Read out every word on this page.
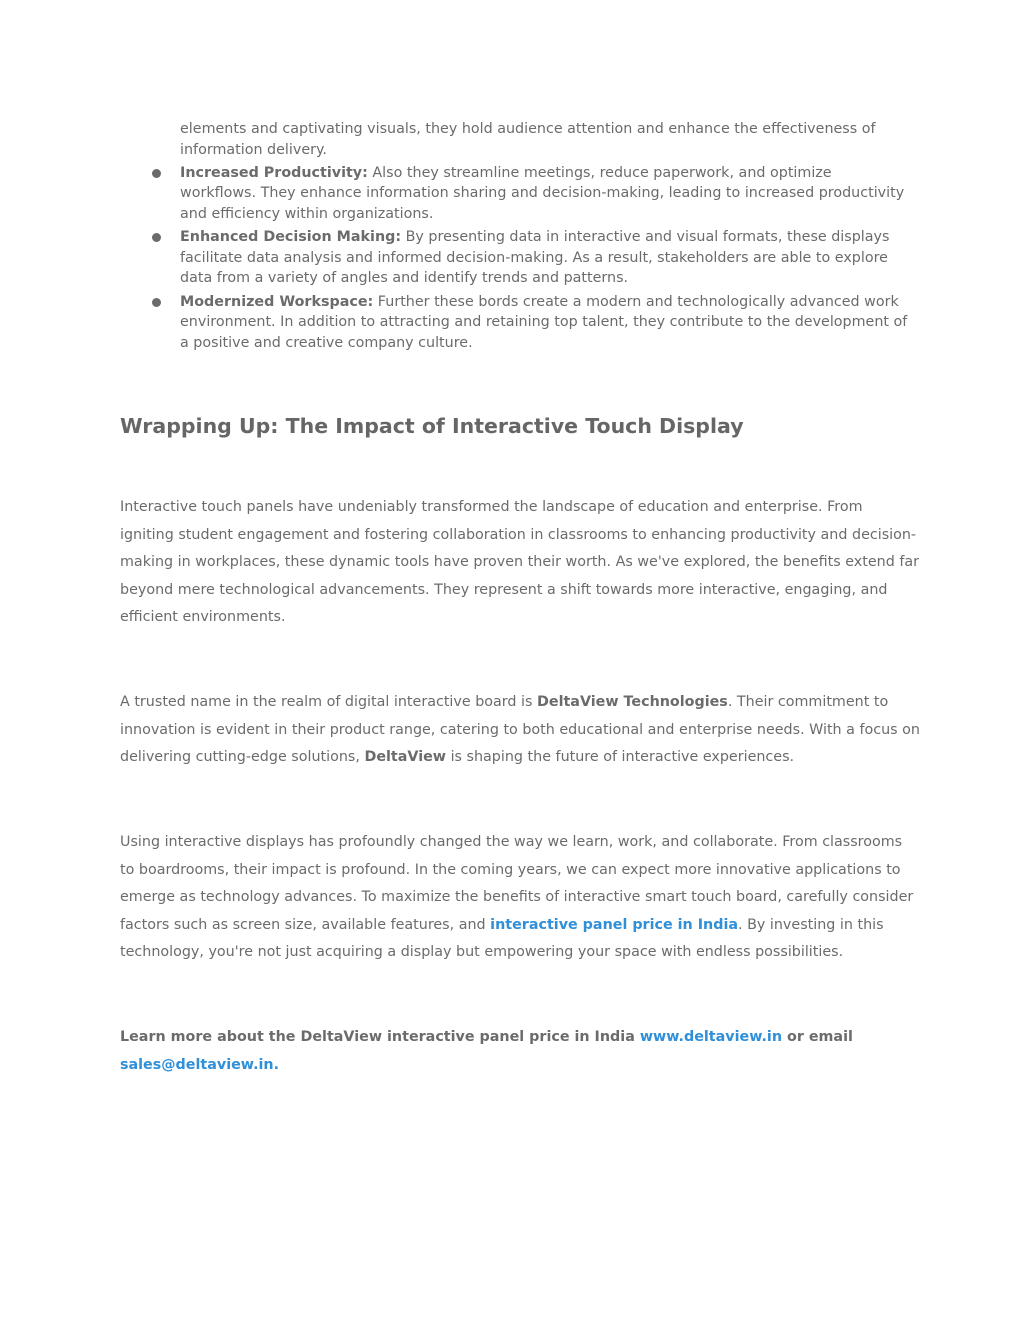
elements and captivating visuals, they hold audience attention and enhance the effectiveness of information delivery.

Increased Productivity: Also they streamline meetings, reduce paperwork, and optimize workflows. They enhance information sharing and decision-making, leading to increased productivity and efficiency within organizations.

Enhanced Decision Making: By presenting data in interactive and visual formats, these displays facilitate data analysis and informed decision-making. As a result, stakeholders are able to explore data from a variety of angles and identify trends and patterns.

Modernized Workspace: Further these bords create a modern and technologically advanced work environment. In addition to attracting and retaining top talent, they contribute to the development of a positive and creative company culture.

Wrapping Up: The Impact of Interactive Touch Display

Interactive touch panels have undeniably transformed the landscape of education and enterprise. From igniting student engagement and fostering collaboration in classrooms to enhancing productivity and decision-making in workplaces, these dynamic tools have proven their worth. As we've explored, the benefits extend far beyond mere technological advancements. They represent a shift towards more interactive, engaging, and efficient environments.

A trusted name in the realm of digital interactive board is DeltaView Technologies. Their commitment to innovation is evident in their product range, catering to both educational and enterprise needs. With a focus on delivering cutting-edge solutions, DeltaView is shaping the future of interactive experiences.

Using interactive displays has profoundly changed the way we learn, work, and collaborate. From classrooms to boardrooms, their impact is profound. In the coming years, we can expect more innovative applications to emerge as technology advances. To maximize the benefits of interactive smart touch board, carefully consider factors such as screen size, available features, and interactive panel price in India. By investing in this technology, you're not just acquiring a display but empowering your space with endless possibilities.

Learn more about the DeltaView interactive panel price in India www.deltaview.in or email sales@deltaview.in.
